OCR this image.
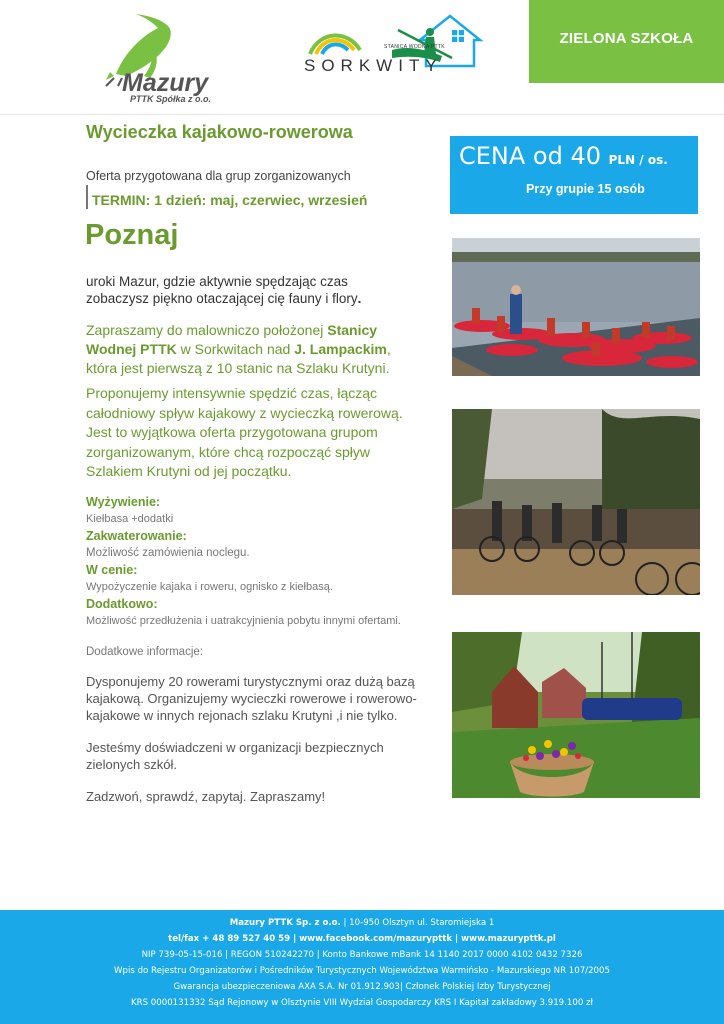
ZIELONA SZKOŁA
Mazury
PTTK Spółka z o.o.
STANICA WODNA PTTK
SORKWITY
Wycieczka kajakowo-rowerowa
Oferta przygotowana dla grup zorganizowanych
TERMIN: 1 dzień: maj, czerwiec, wrzesień
Poznaj
uroki Mazur, gdzie aktywnie spędzając czas
zobaczysz piękno otaczającej cię fauny i flory.
Zapraszamy do malowniczo położonej Stanicy
Wodnej PTTK w Sorkwitach nad J. Lampackim,
która jest pierwszą z 10 stanic na Szlaku Krutyni.
Proponujemy intensywnie spędzić czas, łącząc
całodniowy spływ kajakowy z wycieczką rowerową.
Jest to wyjątkowa oferta przygotowana grupom
zorganizowanym, które chcą rozpocząć spływ
Szlakiem Krutyni od jej początku.
Wyżywienie:
Kiełbasa +dodatki
Zakwaterowanie:
Możliwość zamówienia noclegu.
W cenie:
Wypożyczenie kajaka i roweru, ognisko z kiełbasą.
Dodatkowo:
Możliwość przedłużenia i uatrakcyjnienia pobytu innymi ofertami.
Dodatkowe informacje:
Dysponujemy 20 rowerami turystycznymi oraz dużą bazą
kajakową. Organizujemy wycieczki rowerowe i rowerowo-
kajakowe w innych rejonach szlaku Krutyni ,i nie tylko.
Jesteśmy doświadczeni w organizacji bezpiecznych
zielonych szkół.
Zadzwoń, sprawdź, zapytaj. Zapraszamy!
CENA od 40 PLN / os.
Przy grupie 15 osób
Mazury PTTK Sp. z o.o. | 10-950 Olsztyn ul. Staromiejska 1
tel/fax + 48 89 527 40 59 | www.facebook.com/mazurypttk | www.mazurypttk.pl
NIP 739-05-15-016 | REGON 510242270 | Konto Bankowe mBank 14 1140 2017 0000 4102 0432 7326
Wpis do Rejestru Organizatorów i Pośredników Turystycznych Województwa Warmińsko - Mazurskiego NR 107/2005
Gwarancja ubezpieczeniowa AXA S.A. Nr 01.912.903| Członek Polskiej Izby Turystycznej
KRS 0000131332 Sąd Rejonowy w Olsztynie VIII Wydział Gospodarczy KRS I Kapitał zakładowy 3.919.100 zł
